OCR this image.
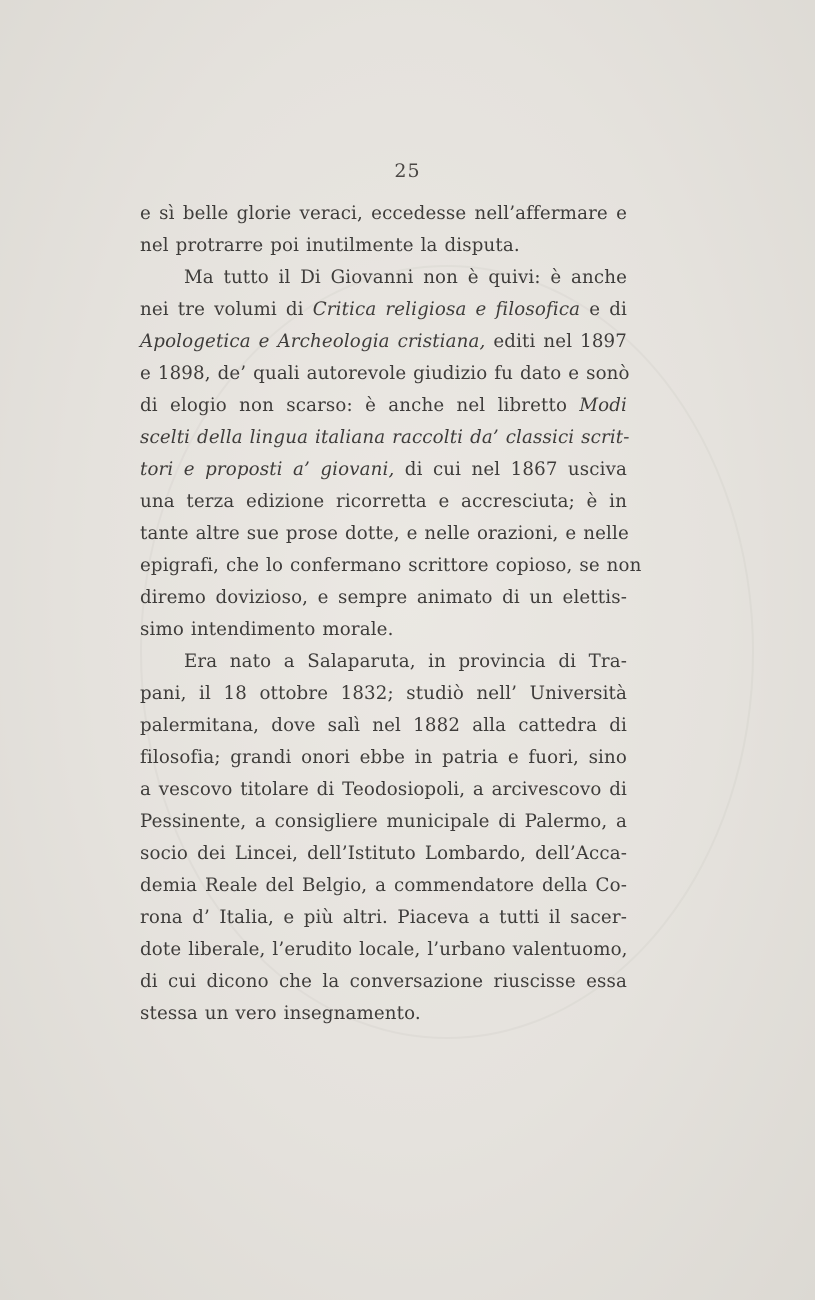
25
e sì belle glorie veraci, eccedesse nell’affermare e
nel protrarre poi inutilmente la disputa.
Ma tutto il Di Giovanni non è quivi: è anche
nei tre volumi di Critica religiosa e filosofica e di
Apologetica e Archeologia cristiana, editi nel 1897
e 1898, de’ quali autorevole giudizio fu dato e sonò
di elogio non scarso: è anche nel libretto Modi
scelti della lingua italiana raccolti da’ classici scrit-
tori e proposti a’ giovani, di cui nel 1867 usciva
una terza edizione ricorretta e accresciuta; è in
tante altre sue prose dotte, e nelle orazioni, e nelle
epigrafi, che lo confermano scrittore copioso, se non
diremo dovizioso, e sempre animato di un elettis-
simo intendimento morale.
Era nato a Salaparuta, in provincia di Tra-
pani, il 18 ottobre 1832; studiò nell’ Università
palermitana, dove salì nel 1882 alla cattedra di
filosofia; grandi onori ebbe in patria e fuori, sino
a vescovo titolare di Teodosiopoli, a arcivescovo di
Pessinente, a consigliere municipale di Palermo, a
socio dei Lincei, dell’Istituto Lombardo, dell’Acca-
demia Reale del Belgio, a commendatore della Co-
rona d’ Italia, e più altri. Piaceva a tutti il sacer-
dote liberale, l’erudito locale, l’urbano valentuomo,
di cui dicono che la conversazione riuscisse essa
stessa un vero insegnamento.
